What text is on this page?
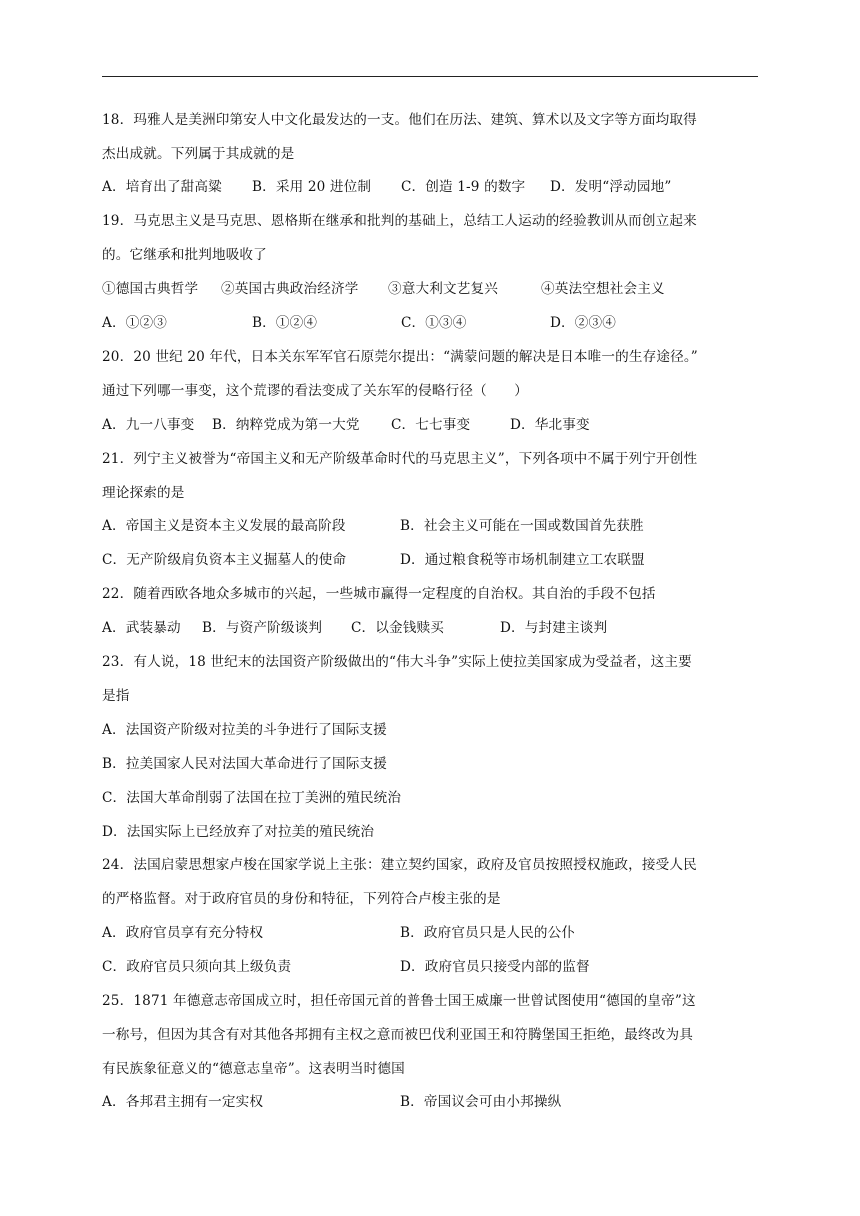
18．玛雅人是美洲印第安人中文化最发达的一支。他们在历法、建筑、算术以及文字等方面均取得
杰出成就。下列属于其成就的是
A．培育出了甜高粱 B．采用 20 进位制 C．创造 1-9 的数字 D．发明“浮动园地”
19．马克思主义是马克思、恩格斯在继承和批判的基础上，总结工人运动的经验教训从而创立起来
的。它继承和批判地吸收了
①德国古典哲学 ②英国古典政治经济学 ③意大利文艺复兴	④英法空想社会主义
A．①②③	B．①②④	C．①③④	D．②③④
20．20 世纪 20 年代，日本关东军军官石原莞尔提出：“满蒙问题的解决是日本唯一的生存途径。”
通过下列哪一事变，这个荒谬的看法变成了关东军的侵略行径（　　）
A．九一八事变 B．纳粹党成为第一大党 C．七七事变	D．华北事变
21．列宁主义被誉为“帝国主义和无产阶级革命时代的马克思主义”，下列各项中不属于列宁开创性
理论探索的是
A．帝国主义是资本主义发展的最高阶段	B．社会主义可能在一国或数国首先获胜
C．无产阶级肩负资本主义掘墓人的使命	D．通过粮食税等市场机制建立工农联盟
22．随着西欧各地众多城市的兴起，一些城市赢得一定程度的自治权。其自治的手段不包括
A．武装暴动 B．与资产阶级谈判 C．以金钱赎买	D．与封建主谈判
23．有人说，18 世纪末的法国资产阶级做出的“伟大斗争”实际上使拉美国家成为受益者，这主要
是指
A．法国资产阶级对拉美的斗争进行了国际支援
B．拉美国家人民对法国大革命进行了国际支援
C．法国大革命削弱了法国在拉丁美洲的殖民统治
D．法国实际上已经放弃了对拉美的殖民统治
24．法国启蒙思想家卢梭在国家学说上主张：建立契约国家，政府及官员按照授权施政，接受人民
的严格监督。对于政府官员的身份和特征，下列符合卢梭主张的是
A．政府官员享有充分特权	B．政府官员只是人民的公仆
C．政府官员只须向其上级负责	D．政府官员只接受内部的监督
25．1871 年德意志帝国成立时，担任帝国元首的普鲁士国王威廉一世曾试图使用“德国的皇帝”这
一称号，但因为其含有对其他各邦拥有主权之意而被巴伐利亚国王和符腾堡国王拒绝，最终改为具
有民族象征意义的“德意志皇帝”。这表明当时德国
A．各邦君主拥有一定实权	B．帝国议会可由小邦操纵
